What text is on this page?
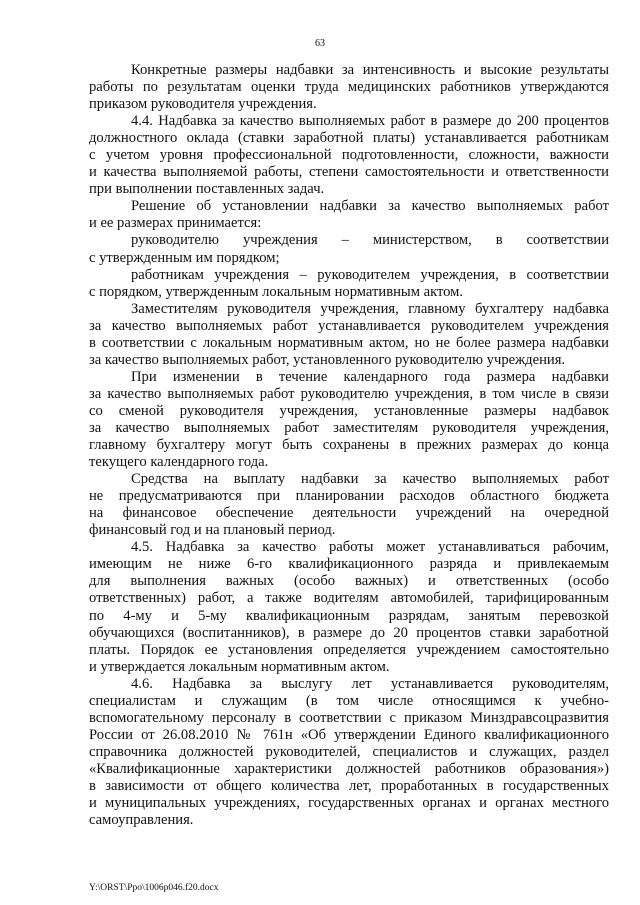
63

Конкретные размеры надбавки за интенсивность и высокие результаты

работы по результатам оценки труда медицинских работников утверждаются

приказом руководителя учреждения.

4.4. Надбавка за качество выполняемых работ в размере до 200 процентов

должностного оклада (ставки заработной платы) устанавливается работникам

с учетом уровня профессиональной подготовленности, сложности, важности

и качества выполняемой работы, степени самостоятельности и ответственности

при выполнении поставленных задач.

Решение об установлении надбавки за качество выполняемых работ

и ее размерах принимается:

руководителю учреждения – министерством, в соответствии

с утвержденным им порядком;

работникам учреждения – руководителем учреждения, в соответствии

с порядком, утвержденным локальным нормативным актом.

Заместителям руководителя учреждения, главному бухгалтеру надбавка

за качество выполняемых работ устанавливается руководителем учреждения

в соответствии с локальным нормативным актом, но не более размера надбавки

за качество выполняемых работ, установленного руководителю учреждения.

При изменении в течение календарного года размера надбавки

за качество выполняемых работ руководителю учреждения, в том числе в связи

со сменой руководителя учреждения, установленные размеры надбавок

за качество выполняемых работ заместителям руководителя учреждения,

главному бухгалтеру могут быть сохранены в прежних размерах до конца

текущего календарного года.

Средства на выплату надбавки за качество выполняемых работ

не предусматриваются при планировании расходов областного бюджета

на финансовое обеспечение деятельности учреждений на очередной

финансовый год и на плановый период.

4.5. Надбавка за качество работы может устанавливаться рабочим,

имеющим не ниже 6-го квалификационного разряда и привлекаемым

для выполнения важных (особо важных) и ответственных (особо

ответственных) работ, а также водителям автомобилей, тарифицированным

по 4-му и 5-му квалификационным разрядам, занятым перевозкой

обучающихся (воспитанников), в размере до 20 процентов ставки заработной

платы. Порядок ее установления определяется учреждением самостоятельно

и утверждается локальным нормативным актом.

4.6. Надбавка за выслугу лет устанавливается руководителям,

специалистам и служащим (в том числе относящимся к учебно-

вспомогательному персоналу в соответствии с приказом Минздравсоцразвития

России от 26.08.2010 № 761н «Об утверждении Единого квалификационного

справочника должностей руководителей, специалистов и служащих, раздел

«Квалификационные характеристики должностей работников образования»)

в зависимости от общего количества лет, проработанных в государственных

и муниципальных учреждениях, государственных органах и органах местного

самоуправления.

Y:\ORST\Ppo\1006p046.f20.docx
